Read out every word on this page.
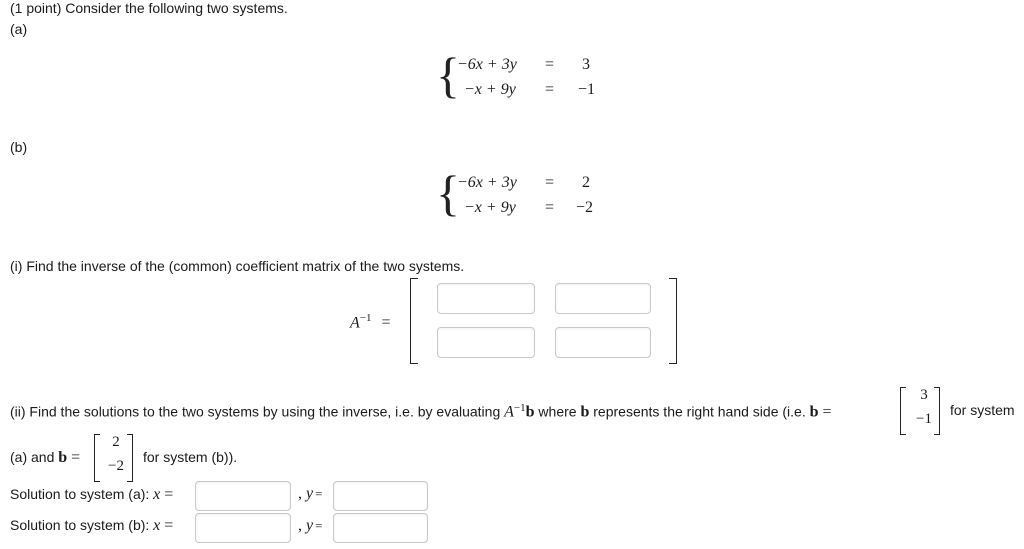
(1 point) Consider the following two systems.
(a)
{
−6x + 3y = 3
−x + 9y = −1
(b)
{
−6x + 3y = 2
−x + 9y = −2
(i) Find the inverse of the (common) coefficient matrix of the two systems.
$A^{-1}$ =
(ii) Find the solutions to the two systems by using the inverse, i.e. by evaluating $A^{-1}b$ where b represents the right hand side (i.e. b =
3
−1
for system
(a) and b =
2
−2
for system (b)).
Solution to system (a): x =	, y =
Solution to system (b): x =	, y =
